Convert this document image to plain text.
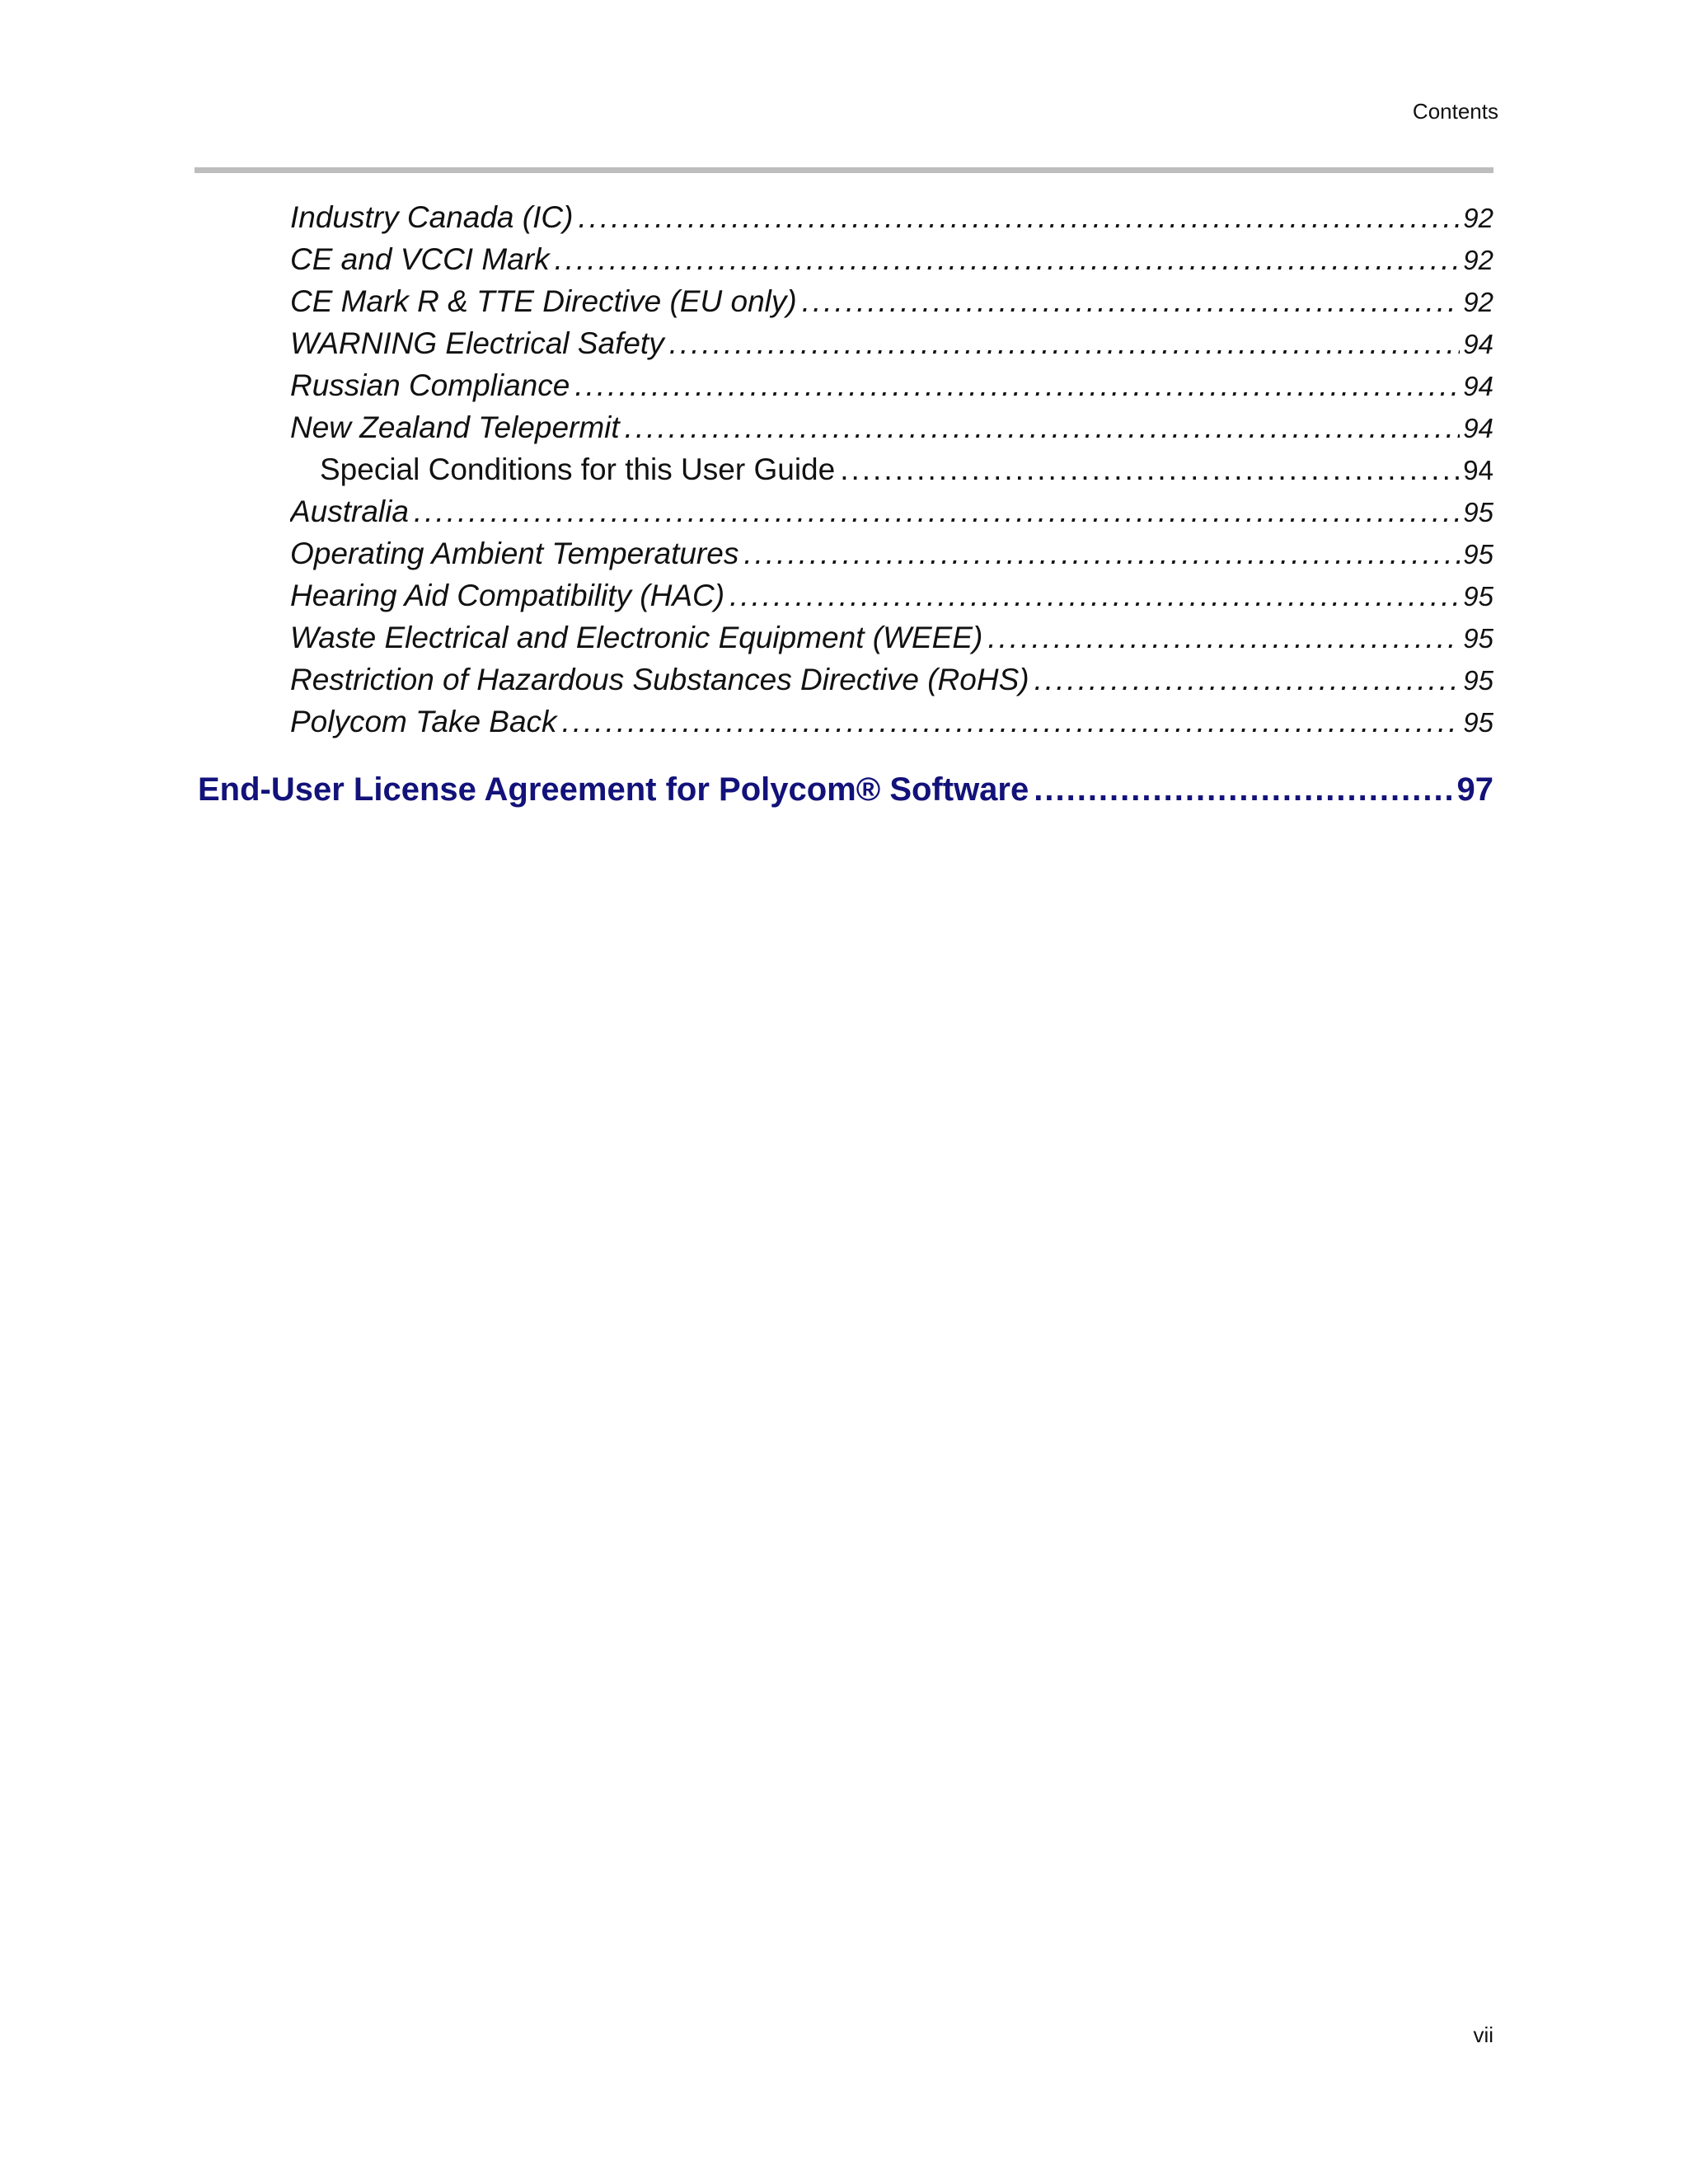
Contents
Industry Canada (IC) .....	92
CE and VCCI Mark .....	92
CE Mark R & TTE Directive (EU only) .....	92
WARNING Electrical Safety .....	94
Russian Compliance .....	94
New Zealand Telepermit .....	94
Special Conditions for this User Guide .....	94
Australia .....	95
Operating Ambient Temperatures .....	95
Hearing Aid Compatibility (HAC) .....	95
Waste Electrical and Electronic Equipment (WEEE) .....	95
Restriction of Hazardous Substances Directive (RoHS) .....	95
Polycom Take Back .....	95
End-User License Agreement for Polycom® Software .....	97
vii
